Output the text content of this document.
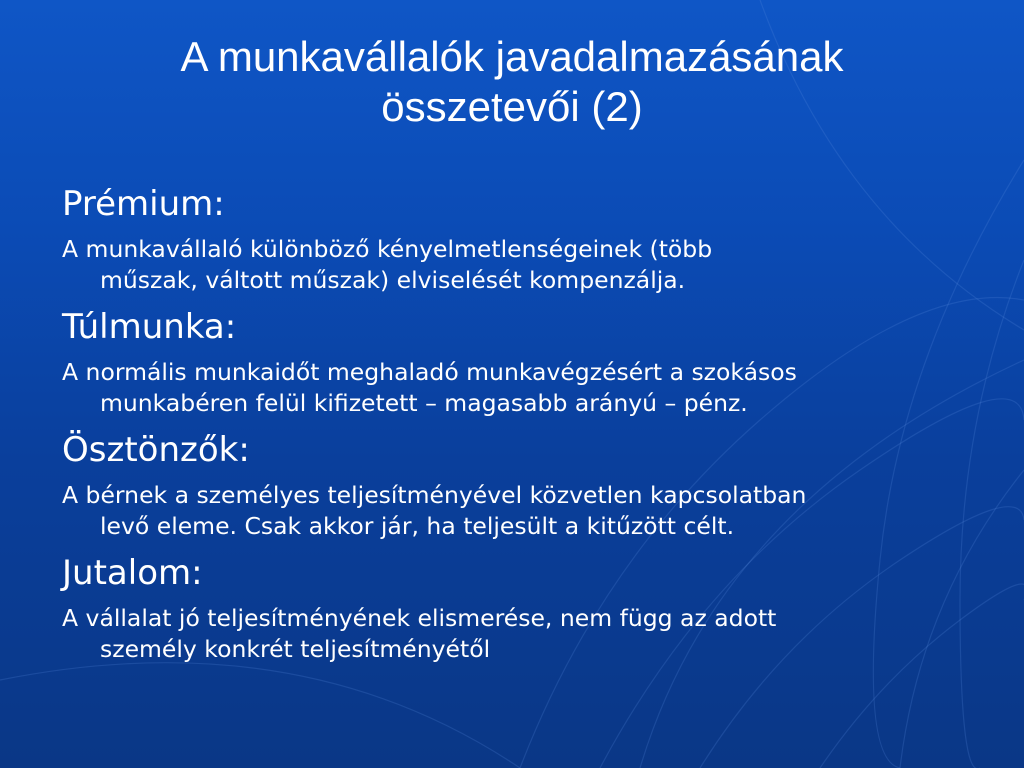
A munkavállalók javadalmazásának
összetevői (2)
Prémium:
A munkavállaló különböző kényelmetlenségeinek (több
műszak, váltott műszak) elviselését kompenzálja.
Túlmunka:
A normális munkaidőt meghaladó munkavégzésért a szokásos
munkabéren felül kifizetett – magasabb arányú – pénz.
Ösztönzők:
A bérnek a személyes teljesítményével közvetlen kapcsolatban
levő eleme. Csak akkor jár, ha teljesült a kitűzött célt.
Jutalom:
A vállalat jó teljesítményének elismerése, nem függ az adott
személy konkrét teljesítményétől
